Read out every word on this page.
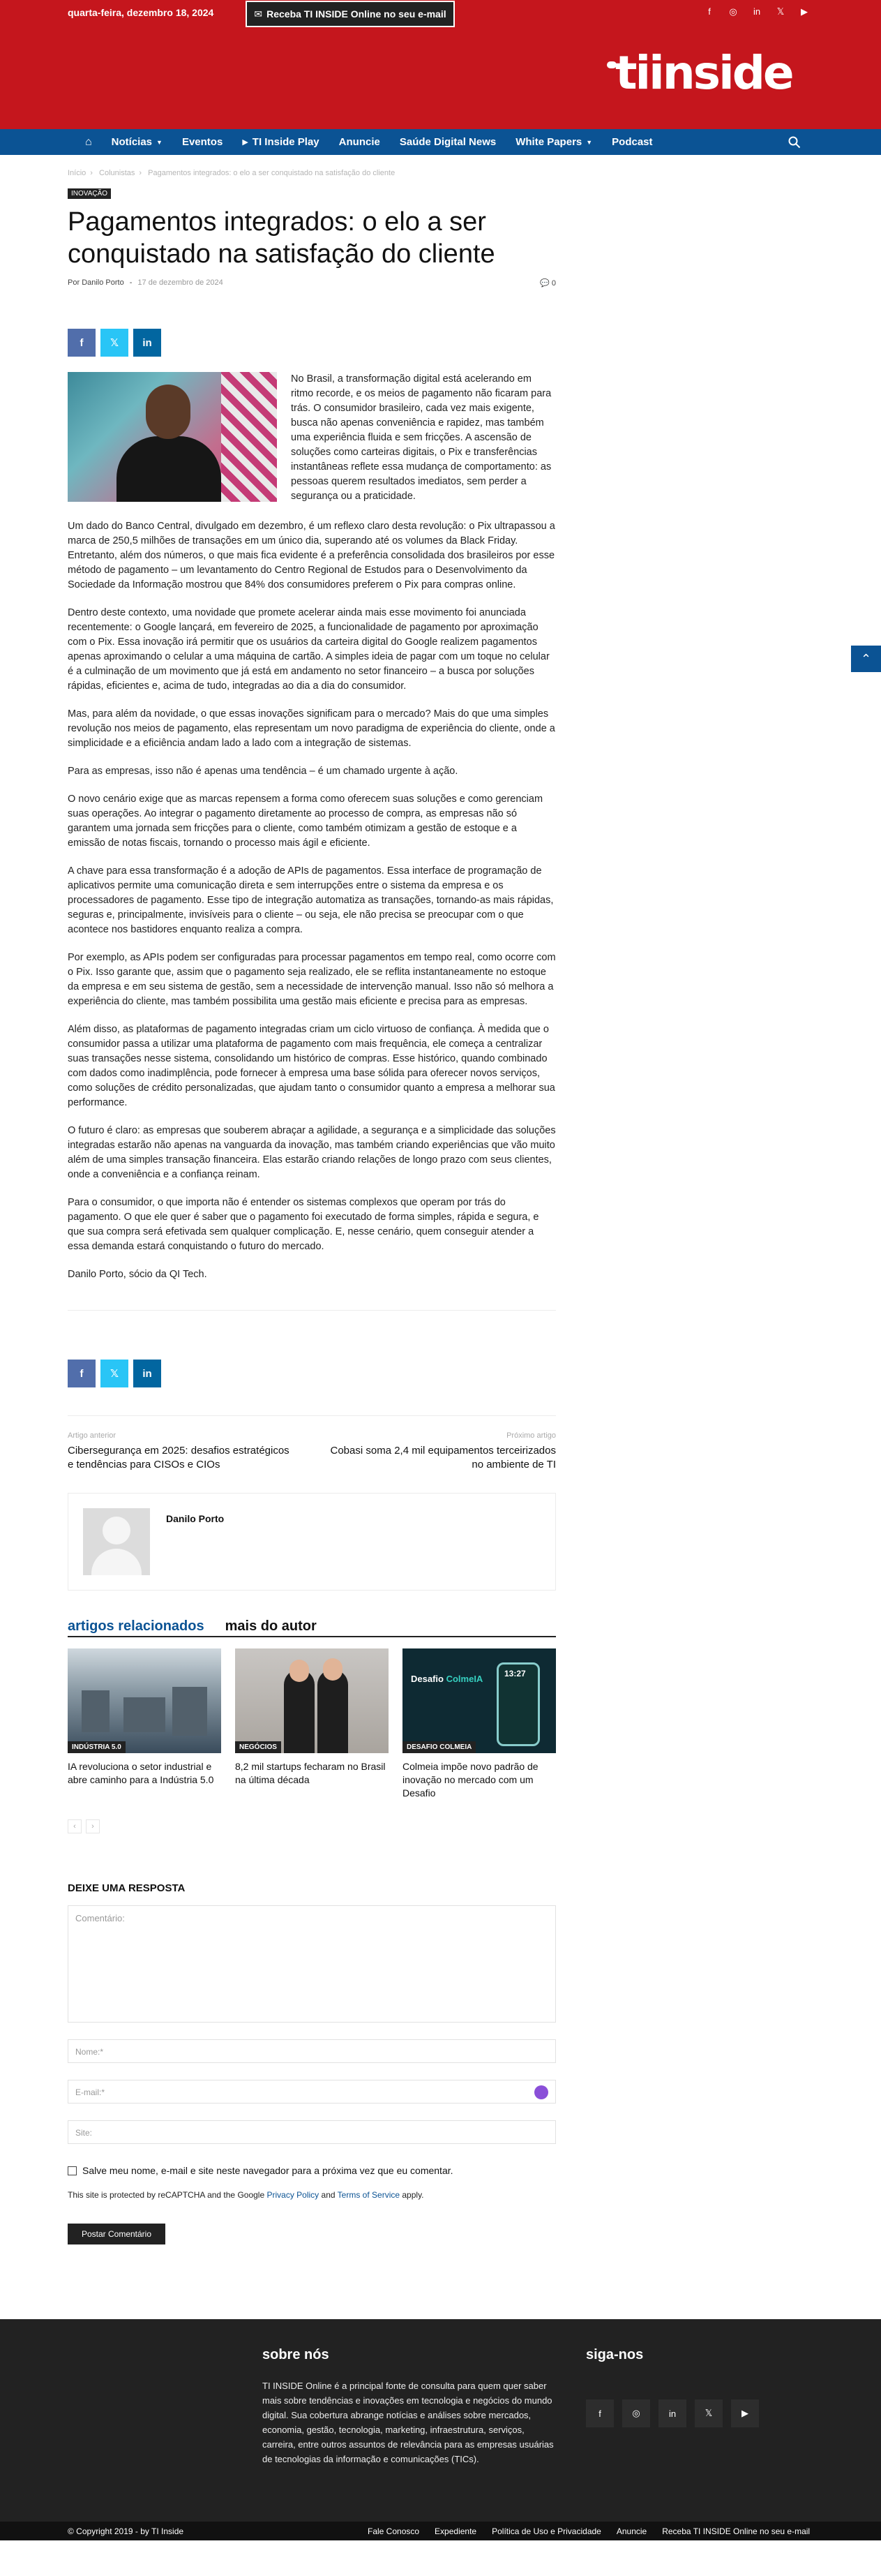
quarta-feira, dezembro 18, 2024	✉ Receba TI INSIDE Online no seu e-mail	f	◎ in 𝕏 ▶
tiinside
⌂ Notícias ▼ Eventos	▶ TI Inside Play Anuncie Saúde Digital News White Papers ▼ Podcast
Início › Colunistas › Pagamentos integrados: o elo a ser conquistado na satisfação do cliente
INOVAÇÃO
Pagamentos integrados: o elo a ser conquistado na satisfação do cliente
Por Danilo Porto - 17 de dezembro de 2024	💬 0
f	𝕏 in

No Brasil, a transformação digital está acelerando em ritmo recorde, e os meios de pagamento não ficaram para trás. O consumidor brasileiro, cada vez mais exigente, busca não apenas conveniência e rapidez, mas também uma experiência fluida e sem fricções. A ascensão de soluções como carteiras digitais, o Pix e transferências instantâneas reflete essa mudança de comportamento: as pessoas querem resultados imediatos, sem perder a segurança ou a praticidade.

Um dado do Banco Central, divulgado em dezembro, é um reflexo claro desta revolução: o Pix ultrapassou a marca de 250,5 milhões de transações em um único dia, superando até os volumes da Black Friday. Entretanto, além dos números, o que mais fica evidente é a preferência consolidada dos brasileiros por esse método de pagamento – um levantamento do Centro Regional de Estudos para o Desenvolvimento da Sociedade da Informação mostrou que 84% dos consumidores preferem o Pix para compras online.

Dentro deste contexto, uma novidade que promete acelerar ainda mais esse movimento foi anunciada recentemente: o Google lançará, em fevereiro de 2025, a funcionalidade de pagamento por aproximação com o Pix. Essa inovação irá permitir que os usuários da carteira digital do Google realizem pagamentos apenas aproximando o celular a uma máquina de cartão. A simples ideia de pagar com um toque no celular é a culminação de um movimento que já está em andamento no setor financeiro – a busca por soluções rápidas, eficientes e, acima de tudo, integradas ao dia a dia do consumidor.

Mas, para além da novidade, o que essas inovações significam para o mercado? Mais do que uma simples revolução nos meios de pagamento, elas representam um novo paradigma de experiência do cliente, onde a simplicidade e a eficiência andam lado a lado com a integração de sistemas.

Para as empresas, isso não é apenas uma tendência – é um chamado urgente à ação.

O novo cenário exige que as marcas repensem a forma como oferecem suas soluções e como gerenciam suas operações. Ao integrar o pagamento diretamente ao processo de compra, as empresas não só garantem uma jornada sem fricções para o cliente, como também otimizam a gestão de estoque e a emissão de notas fiscais, tornando o processo mais ágil e eficiente.

A chave para essa transformação é a adoção de APIs de pagamentos. Essa interface de programação de aplicativos permite uma comunicação direta e sem interrupções entre o sistema da empresa e os processadores de pagamento. Esse tipo de integração automatiza as transações, tornando-as mais rápidas, seguras e, principalmente, invisíveis para o cliente – ou seja, ele não precisa se preocupar com o que acontece nos bastidores enquanto realiza a compra.

Por exemplo, as APIs podem ser configuradas para processar pagamentos em tempo real, como ocorre com o Pix. Isso garante que, assim que o pagamento seja realizado, ele se reflita instantaneamente no estoque da empresa e em seu sistema de gestão, sem a necessidade de intervenção manual. Isso não só melhora a experiência do cliente, mas também possibilita uma gestão mais eficiente e precisa para as empresas.

Além disso, as plataformas de pagamento integradas criam um ciclo virtuoso de confiança. À medida que o consumidor passa a utilizar uma plataforma de pagamento com mais frequência, ele começa a centralizar suas transações nesse sistema, consolidando um histórico de compras. Esse histórico, quando combinado com dados como inadimplência, pode fornecer à empresa uma base sólida para oferecer novos serviços, como soluções de crédito personalizadas, que ajudam tanto o consumidor quanto a empresa a melhorar sua performance.

O futuro é claro: as empresas que souberem abraçar a agilidade, a segurança e a simplicidade das soluções integradas estarão não apenas na vanguarda da inovação, mas também criando experiências que vão muito além de uma simples transação financeira. Elas estarão criando relações de longo prazo com seus clientes, onde a conveniência e a confiança reinam.

Para o consumidor, o que importa não é entender os sistemas complexos que operam por trás do pagamento. O que ele quer é saber que o pagamento foi executado de forma simples, rápida e segura, e que sua compra será efetivada sem qualquer complicação. E, nesse cenário, quem conseguir atender a essa demanda estará conquistando o futuro do mercado.

Danilo Porto, sócio da QI Tech.

f	𝕏 in
Artigo anterior
Cibersegurança em 2025: desafios estratégicos e tendências para CISOs e CIOs
Próximo artigo
Cobasi soma 2,4 mil equipamentos terceirizados no ambiente de TI
Danilo Porto
artigos relacionados mais do autor
INDÚSTRIA 5.0
IA revoluciona o setor industrial e abre caminho para a Indústria 5.0
NEGÓCIOS
8,2 mil startups fecharam no Brasil na última década
Desafio ColmeIA	13:27
DESAFIO COLMEIA
Colmeia impõe novo padrão de inovação no mercado com um Desafio
‹	›
DEIXE UMA RESPOSTA
Comentário:
Nome:*
E-mail:*
Site:
Salve meu nome, e-mail e site neste navegador para a próxima vez que eu comentar.
This site is protected by reCAPTCHA and the Google Privacy Policy and Terms of Service apply.
Postar Comentário
⌃
sobre nós

TI INSIDE Online é a principal fonte de consulta para quem quer saber mais sobre tendências e inovações em tecnologia e negócios do mundo digital. Sua cobertura abrange notícias e análises sobre mercados, economia, gestão, tecnologia, marketing, infraestrutura, serviços, carreira, entre outros assuntos de relevância para as empresas usuárias de tecnologias da informação e comunicações (TICs).

siga-nos
f	◎	in	𝕏	▶
© Copyright 2019 - by TI Inside	Fale Conosco Expediente Política de Uso e Privacidade Anuncie Receba TI INSIDE Online no seu e-mail
